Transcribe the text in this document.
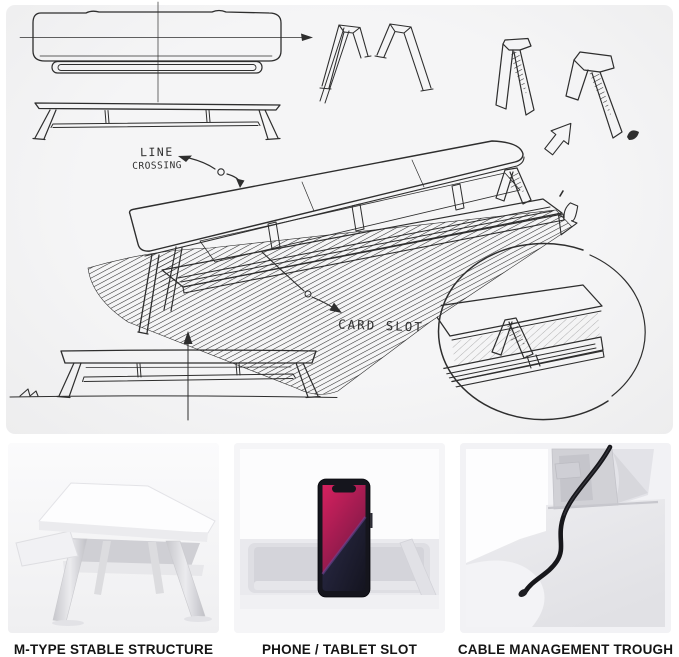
LINE
CROSSING
CARD SLOT
M-TYPE STABLE STRUCTURE	PHONE / TABLET SLOT	CABLE MANAGEMENT TROUGH
